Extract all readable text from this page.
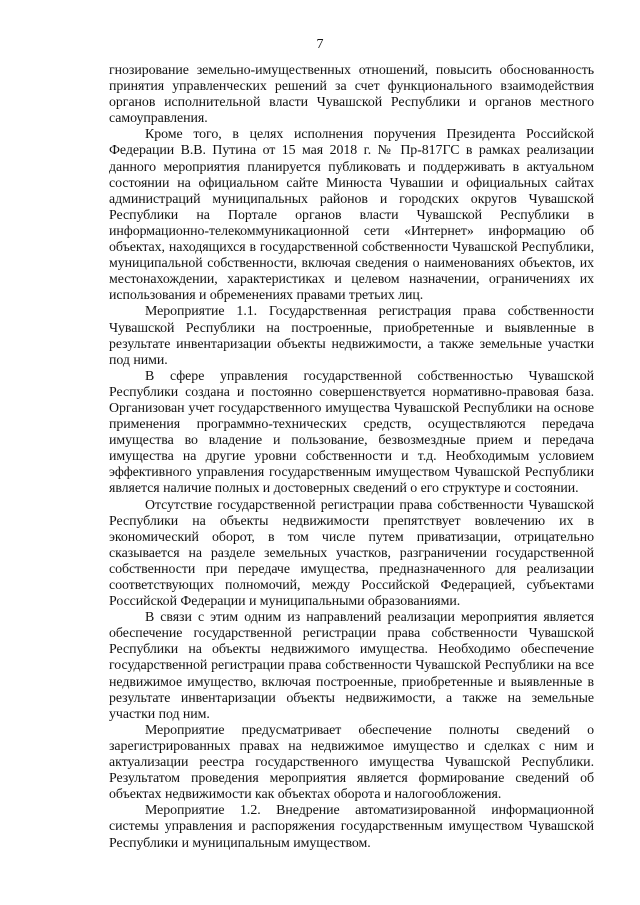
7

гнозирование земельно-имущественных отношений, повысить обоснованность принятия управленческих решений за счет функционального взаимодействия органов исполнительной власти Чувашской Республики и органов местного самоуправления.

Кроме того, в целях исполнения поручения Президента Российской Федерации В.В. Путина от 15 мая 2018 г. № Пр-817ГС в рамках реализации данного мероприятия планируется публиковать и поддерживать в актуальном состоянии на официальном сайте Минюста Чувашии и официальных сайтах администраций муниципальных районов и городских округов Чувашской Республики на Портале органов власти Чувашской Республики в информационно-телекоммуникационной сети «Интернет» информацию об объектах, находящихся в государственной собственности Чувашской Республики, муниципальной собственности, включая сведения о наименованиях объектов, их местонахождении, характеристиках и целевом назначении, ограничениях их использования и обременениях правами третьих лиц.

Мероприятие 1.1. Государственная регистрация права собственности Чувашской Республики на построенные, приобретенные и выявленные в результате инвентаризации объекты недвижимости, а также земельные участки под ними.

В сфере управления государственной собственностью Чувашской Республики создана и постоянно совершенствуется нормативно-правовая база. Организован учет государственного имущества Чувашской Республики на основе применения программно-технических средств, осуществляются передача имущества во владение и пользование, безвозмездные прием и передача имущества на другие уровни собственности и т.д. Необходимым условием эффективного управления государственным имуществом Чувашской Республики является наличие полных и достоверных сведений о его структуре и состоянии.

Отсутствие государственной регистрации права собственности Чувашской Республики на объекты недвижимости препятствует вовлечению их в экономический оборот, в том числе путем приватизации, отрицательно сказывается на разделе земельных участков, разграничении государственной собственности при передаче имущества, предназначенного для реализации соответствующих полномочий, между Российской Федерацией, субъектами Российской Федерации и муниципальными образованиями.

В связи с этим одним из направлений реализации мероприятия является обеспечение государственной регистрации права собственности Чувашской Республики на объекты недвижимого имущества. Необходимо обеспечение государственной регистрации права собственности Чувашской Республики на все недвижимое имущество, включая построенные, приобретенные и выявленные в результате инвентаризации объекты недвижимости, а также на земельные участки под ним.

Мероприятие предусматривает обеспечение полноты сведений о зарегистрированных правах на недвижимое имущество и сделках с ним и актуализации реестра государственного имущества Чувашской Республики. Результатом проведения мероприятия является формирование сведений об объектах недвижимости как объектах оборота и налогообложения.

Мероприятие 1.2. Внедрение автоматизированной информационной системы управления и распоряжения государственным имуществом Чувашской Республики и муниципальным имуществом.
